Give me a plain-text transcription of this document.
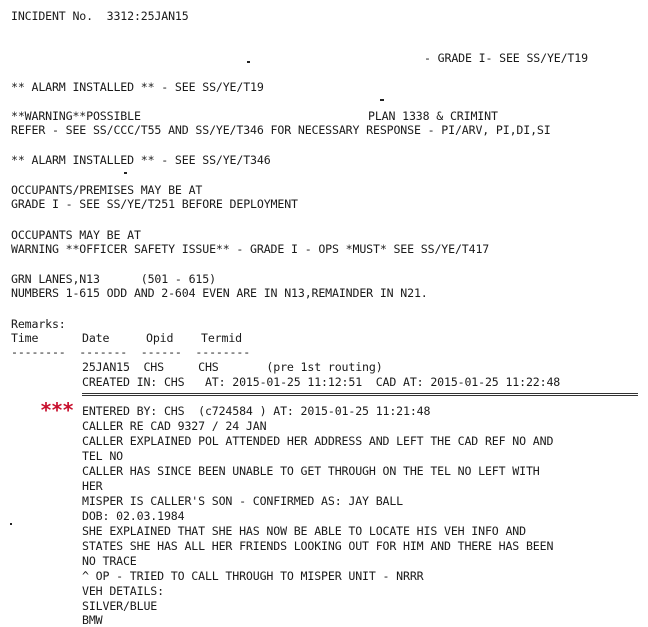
INCIDENT No.  3312:25JAN15
- GRADE I- SEE SS/YE/T19
** ALARM INSTALLED ** - SEE SS/YE/T19
**WARNING**POSSIBLE	PLAN 1338 & CRIMINT
REFER - SEE SS/CCC/T55 AND SS/YE/T346 FOR NECESSARY RESPONSE - PI/ARV, PI,DI,SI
** ALARM INSTALLED ** - SEE SS/YE/T346
OCCUPANTS/PREMISES MAY BE AT
GRADE I - SEE SS/YE/T251 BEFORE DEPLOYMENT
OCCUPANTS MAY BE AT
WARNING **OFFICER SAFETY ISSUE** - GRADE I - OPS *MUST* SEE SS/YE/T417
GRN LANES,N13      (501 - 615)
NUMBERS 1-615 ODD AND 2-604 EVEN ARE IN N13,REMAINDER IN N21.
Remarks:
Time	Date	Opid Termid
--------  -------  ------  --------
25JAN15  CHS     CHS       (pre 1st routing)
CREATED IN: CHS   AT: 2015-01-25 11:12:51  CAD AT: 2015-01-25 11:22:48
*** ENTERED BY: CHS  (c724584 ) AT: 2015-01-25 11:21:48
CALLER RE CAD 9327 / 24 JAN
CALLER EXPLAINED POL ATTENDED HER ADDRESS AND LEFT THE CAD REF NO AND
TEL NO
CALLER HAS SINCE BEEN UNABLE TO GET THROUGH ON THE TEL NO LEFT WITH
HER
MISPER IS CALLER'S SON - CONFIRMED AS: JAY BALL
DOB: 02.03.1984
SHE EXPLAINED THAT SHE HAS NOW BE ABLE TO LOCATE HIS VEH INFO AND
STATES SHE HAS ALL HER FRIENDS LOOKING OUT FOR HIM AND THERE HAS BEEN
NO TRACE
^ OP - TRIED TO CALL THROUGH TO MISPER UNIT - NRRR
VEH DETAILS:
SILVER/BLUE
BMW
